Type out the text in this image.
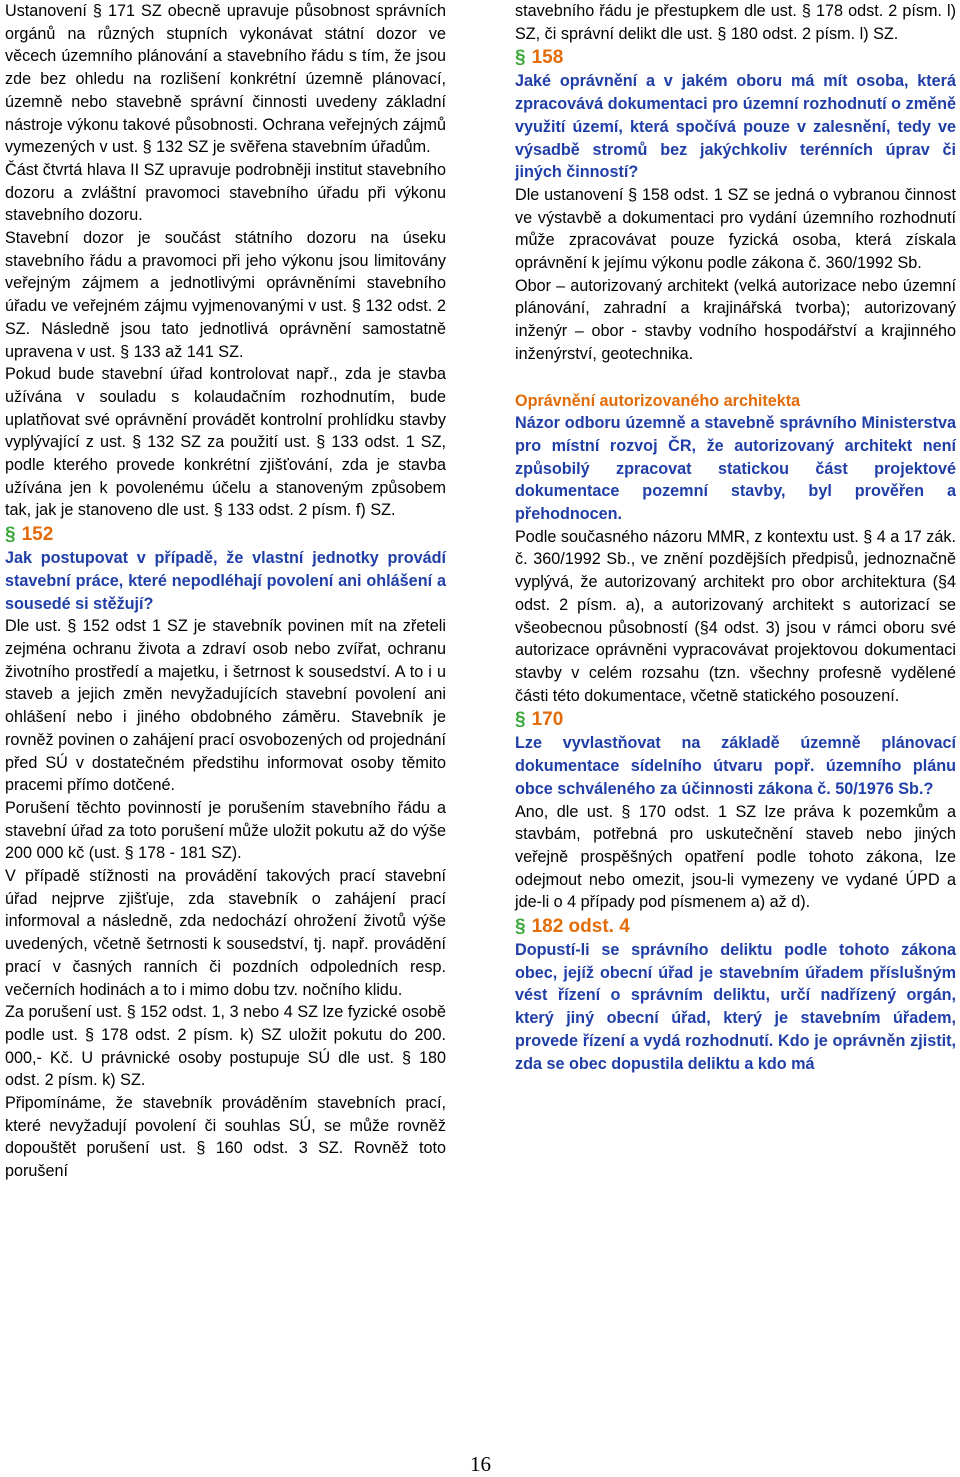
Ustanovení § 171 SZ obecně upravuje působnost správních orgánů na různých stupních vykonávat státní dozor ve věcech územního plánování a stavebního řádu s tím, že jsou zde bez ohledu na rozlišení konkrétní územně plánovací, územně nebo stavebně správní činnosti uvedeny základní nástroje výkonu takové působnosti. Ochrana veřejných zájmů vymezených v ust. § 132 SZ je svěřena stavebním úřadům.

Část čtvrtá hlava II SZ upravuje podrobněji institut stavebního dozoru a zvláštní pravomoci stavebního úřadu při výkonu stavebního dozoru.

Stavební dozor je součást státního dozoru na úseku stavebního řádu a pravomoci při jeho výkonu jsou limitovány veřejným zájmem a jednotlivými oprávněními stavebního úřadu ve veřejném zájmu vyjmenovanými v ust. § 132 odst. 2 SZ. Následně jsou tato jednotlivá oprávnění samostatně upravena v ust. § 133 až 141 SZ.

Pokud bude stavební úřad kontrolovat např., zda je stavba užívána v souladu s kolaudačním rozhodnutím, bude uplatňovat své oprávnění provádět kontrolní prohlídku stavby vyplývající z ust. § 132 SZ za použití ust. § 133 odst. 1 SZ, podle kterého provede konkrétní zjišťování, zda je stavba užívána jen k povolenému účelu a stanoveným způsobem tak, jak je stanoveno dle ust. § 133 odst. 2 písm. f) SZ.

§ 152

Jak postupovat v případě, že vlastní jednotky provádí stavební práce, které nepodléhají povolení ani ohlášení a sousedé si stěžují?

Dle ust. § 152 odst 1 SZ je stavebník povinen mít na zřeteli zejména ochranu života a zdraví osob nebo zvířat, ochranu životního prostředí a majetku, i šetrnost k sousedství. A to i u staveb a jejich změn nevyžadujících stavební povolení ani ohlášení nebo i jiného obdobného záměru. Stavebník je rovněž povinen o zahájení prací osvobozených od projednání před SÚ v dostatečném předstihu informovat osoby těmito pracemi přímo dotčené.

Porušení těchto povinností je porušením stavebního řádu a stavební úřad za toto porušení může uložit pokutu až do výše 200 000 kč (ust. § 178 - 181 SZ).

V případě stížnosti na provádění takových prací stavební úřad nejprve zjišťuje, zda stavebník o zahájení prací informoval a následně, zda nedochází ohrožení životů výše uvedených, včetně šetrnosti k sousedství, tj. např. provádění prací v časných ranních či pozdních odpoledních resp. večerních hodinách a to i mimo dobu tzv. nočního klidu.

Za porušení ust. § 152 odst. 1, 3 nebo 4 SZ lze fyzické osobě podle ust. § 178 odst. 2 písm. k) SZ uložit pokutu do 200. 000,- Kč. U právnické osoby postupuje SÚ dle ust. § 180 odst. 2 písm. k) SZ.

Připomínáme, že stavebník prováděním stavebních prací, které nevyžadují povolení či souhlas SÚ, se může rovněž dopouštět porušení ust. § 160 odst. 3 SZ. Rovněž toto porušení

stavebního řádu je přestupkem dle ust. § 178 odst. 2 písm. l) SZ, či správní delikt dle ust. § 180 odst. 2 písm. l) SZ.

§ 158

Jaké oprávnění a v jakém oboru má mít osoba, která zpracovává dokumentaci pro územní rozhodnutí o změně využití území, která spočívá pouze v zalesnění, tedy ve výsadbě stromů bez jakýchkoliv terénních úprav či jiných činností?

Dle ustanovení § 158 odst. 1 SZ se jedná o vybranou činnost ve výstavbě a dokumentaci pro vydání územního rozhodnutí může zpracovávat pouze fyzická osoba, která získala oprávnění k jejímu výkonu podle zákona č. 360/1992 Sb.

Obor – autorizovaný architekt (velká autorizace nebo územní plánování, zahradní a krajinářská tvorba); autorizovaný inženýr – obor - stavby vodního hospodářství a krajinného inženýrství, geotechnika.

Oprávnění autorizovaného architekta

Názor odboru územně a stavebně správního Ministerstva pro místní rozvoj ČR, že autorizovaný architekt není způsobilý zpracovat statickou část projektové dokumentace pozemní stavby, byl prověřen a přehodnocen.

Podle současného názoru MMR, z kontextu ust. § 4 a 17 zák. č. 360/1992 Sb., ve znění pozdějších předpisů, jednoznačně vyplývá, že autorizovaný architekt pro obor architektura (§4 odst. 2 písm. a), a autorizovaný architekt s autorizací se všeobecnou působností (§4 odst. 3) jsou v rámci oboru své autorizace oprávněni vypracovávat projektovou dokumentaci stavby v celém rozsahu (tzn. všechny profesně vydělené části této dokumentace, včetně statického posouzení.

§ 170

Lze vyvlastňovat na základě územně plánovací dokumentace sídelního útvaru popř. územního plánu obce schváleného za účinnosti zákona č. 50/1976 Sb.?

Ano, dle ust. § 170 odst. 1 SZ lze práva k pozemkům a stavbám, potřebná pro uskutečnění staveb nebo jiných veřejně prospěšných opatření podle tohoto zákona, lze odejmout nebo omezit, jsou-li vymezeny ve vydané ÚPD a jde-li o 4 případy pod písmenem a) až d).

§ 182 odst. 4

Dopustí-li se správního deliktu podle tohoto zákona obec, jejíž obecní úřad je stavebním úřadem příslušným vést řízení o správním deliktu, určí nadřízený orgán, který jiný obecní úřad, který je stavebním úřadem, provede řízení a vydá rozhodnutí. Kdo je oprávněn zjistit, zda se obec dopustila deliktu a kdo má

16
